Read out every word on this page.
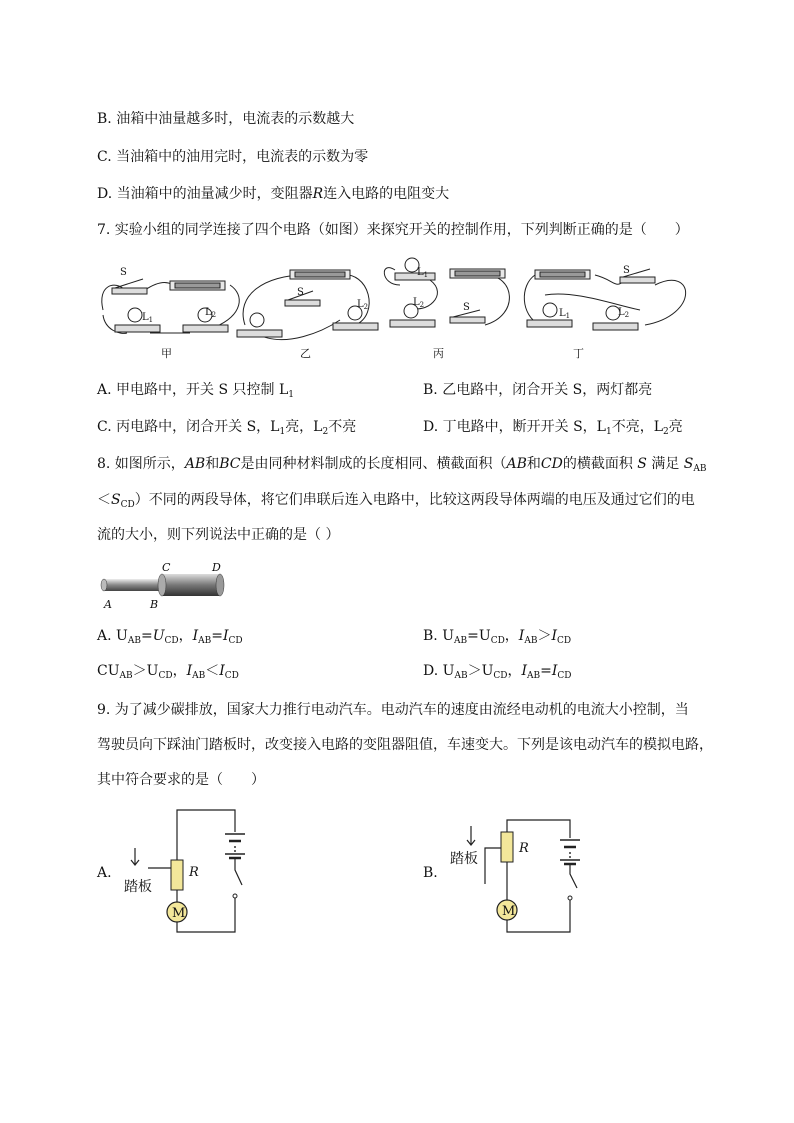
B. 油箱中油量越多时，电流表的示数越大
C. 当油箱中的油用完时，电流表的示数为零
D. 当油箱中的油量减少时，变阻器R连入电路的电阻变大
7. 实验小组的同学连接了四个电路（如图）来探究开关的控制作用，下列判断正确的是（　　）
S
$L_1$
$L_2$
S
$L_2$
$L_1$
$L_2$	S
S
$L_1$	$L_2$
甲	乙	丙	丁
A. 甲电路中，开关 S 只控制 $L_1$	B. 乙电路中，闭合开关 S，两灯都亮
C. 丙电路中，闭合开关 S，$L_1$亮，$L_2$不亮	D. 丁电路中，断开开关 S，$L_1$不亮，$L_2$亮
8. 如图所示，AB和BC是由同种材料制成的长度相同、横截面积（AB和CD的横截面积 S 满足 $S_{AB}$
$<S_{CD}$）不同的两段导体，将它们串联后连入电路中，比较这两段导体两端的电压及通过它们的电
流的大小，则下列说法中正确的是（ ）
A	B
C	D
A. $U_{AB}=U_{CD}$，$I_{AB}=I_{CD}$	B. $U_{AB}=U_{CD}$，$I_{AB}>I_{CD}$
$CU_{AB}>U_{CD}$，$I_{AB}<I_{CD}$	D. $U_{AB}>U_{CD}$，$I_{AB}=I_{CD}$
9. 为了减少碳排放，国家大力推行电动汽车。电动汽车的速度由流经电动机的电流大小控制，当
驾驶员向下踩油门踏板时，改变接入电路的变阻器阻值，车速变大。下列是该电动汽车的模拟电路，
其中符合要求的是（　　）
A.
M
R
踏板
B.
M
R
踏板
